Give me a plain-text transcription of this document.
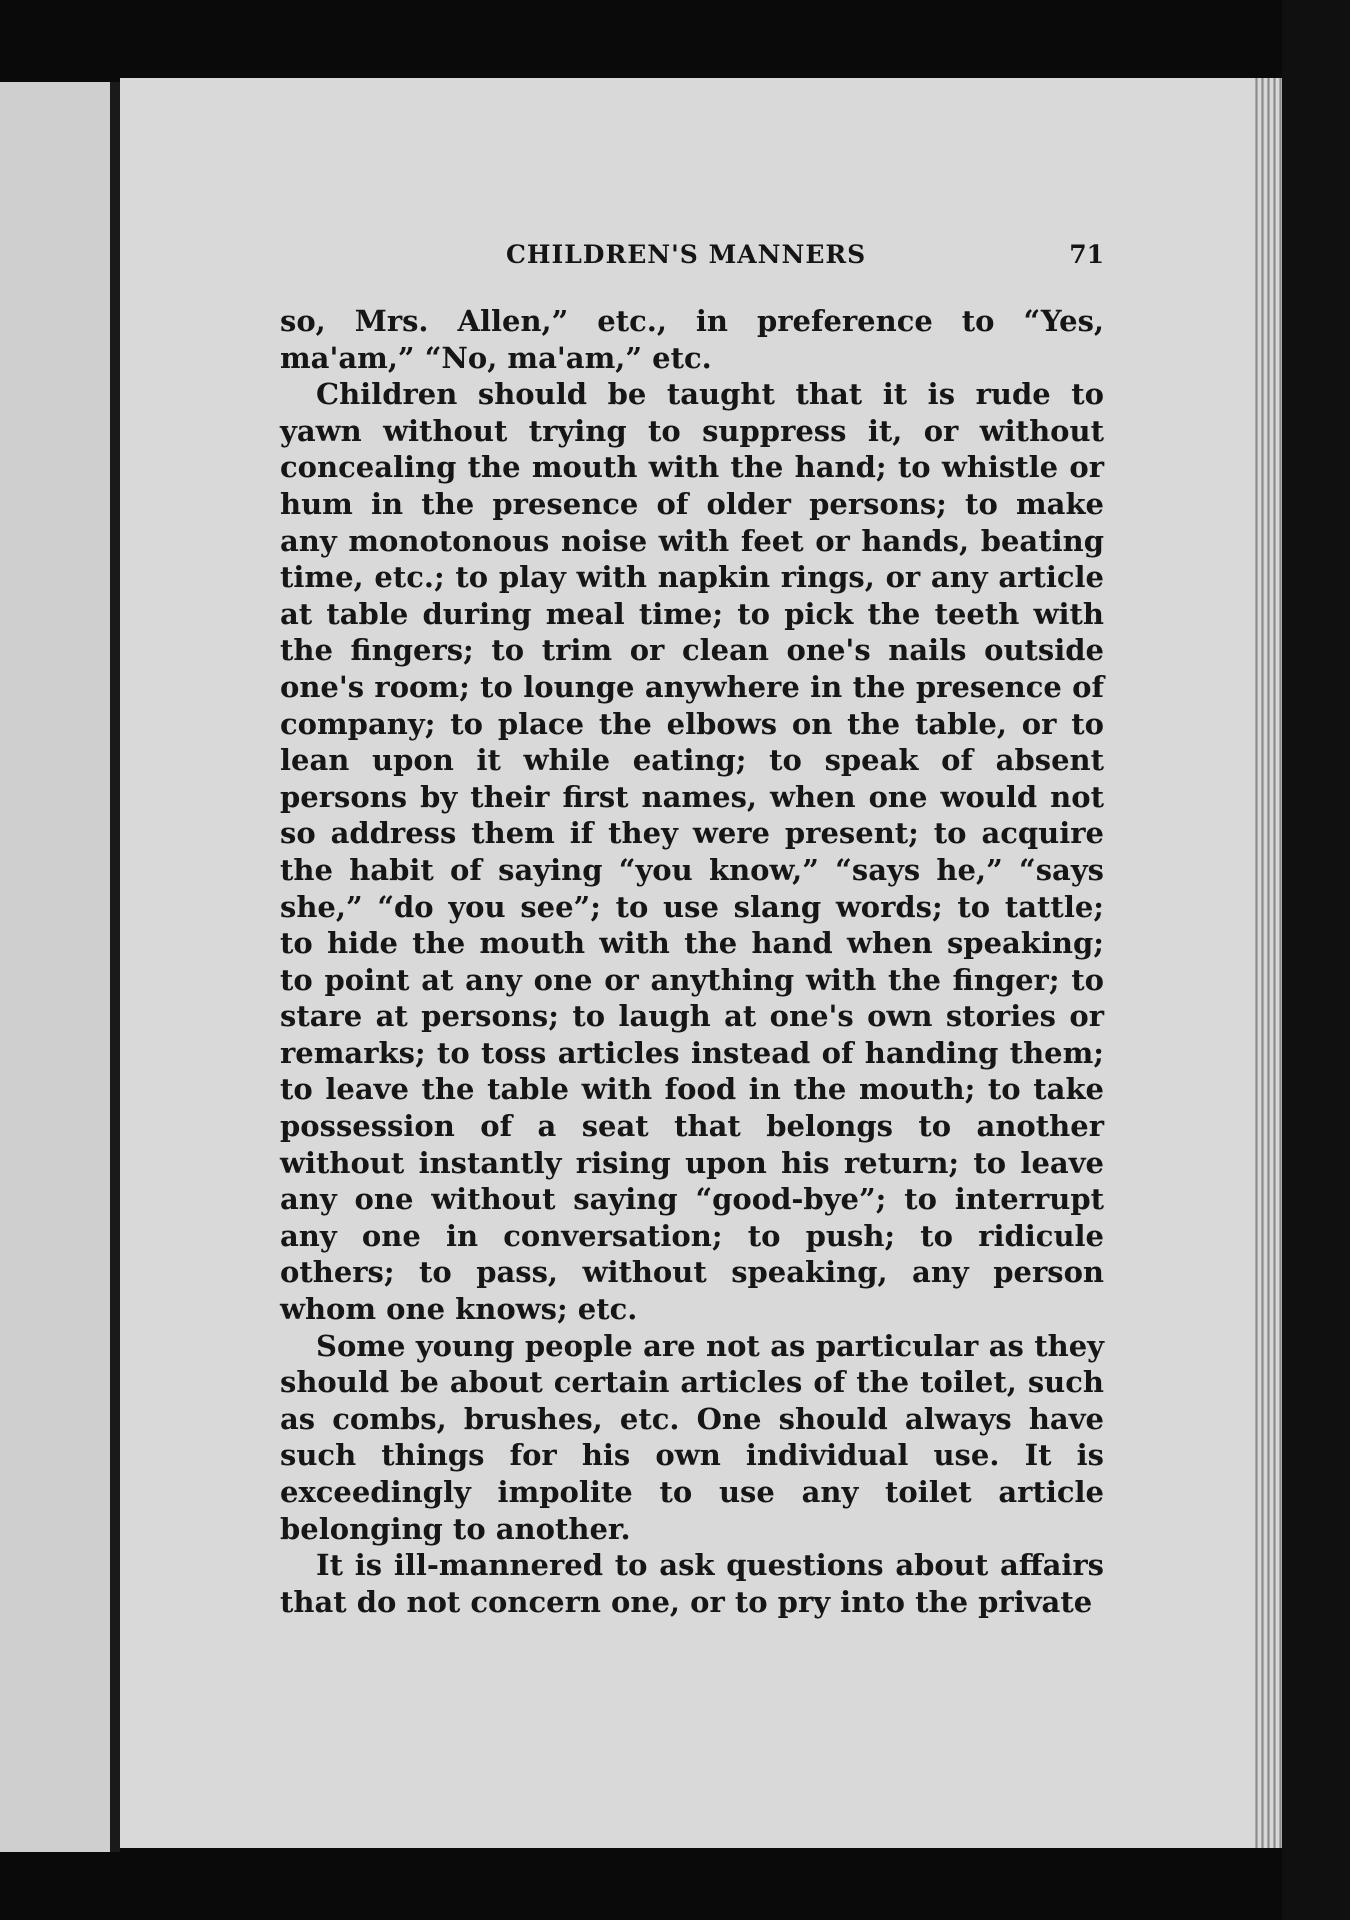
CHILDREN'S MANNERS	71

so, Mrs. Allen,” etc., in preference to “Yes, ma'am,” “No, ma'am,” etc.

Children should be taught that it is rude to yawn without trying to suppress it, or without concealing the mouth with the hand; to whistle or hum in the presence of older persons; to make any monotonous noise with feet or hands, beating time, etc.; to play with napkin rings, or any article at table during meal time; to pick the teeth with the fingers; to trim or clean one's nails outside one's room; to lounge anywhere in the presence of company; to place the elbows on the table, or to lean upon it while eating; to speak of absent persons by their first names, when one would not so address them if they were present; to acquire the habit of saying “you know,” “says he,” “says she,” “do you see”; to use slang words; to tattle; to hide the mouth with the hand when speaking; to point at any one or anything with the finger; to stare at persons; to laugh at one's own stories or remarks; to toss articles instead of handing them; to leave the table with food in the mouth; to take possession of a seat that belongs to another without instantly rising upon his return; to leave any one without saying “good-bye”; to interrupt any one in conversation; to push; to ridicule others; to pass, without speaking, any person whom one knows; etc.

Some young people are not as particular as they should be about certain articles of the toilet, such as combs, brushes, etc. One should always have such things for his own individual use. It is exceedingly impolite to use any toilet article belonging to another.

It is ill-mannered to ask questions about affairs that do not concern one, or to pry into the private
